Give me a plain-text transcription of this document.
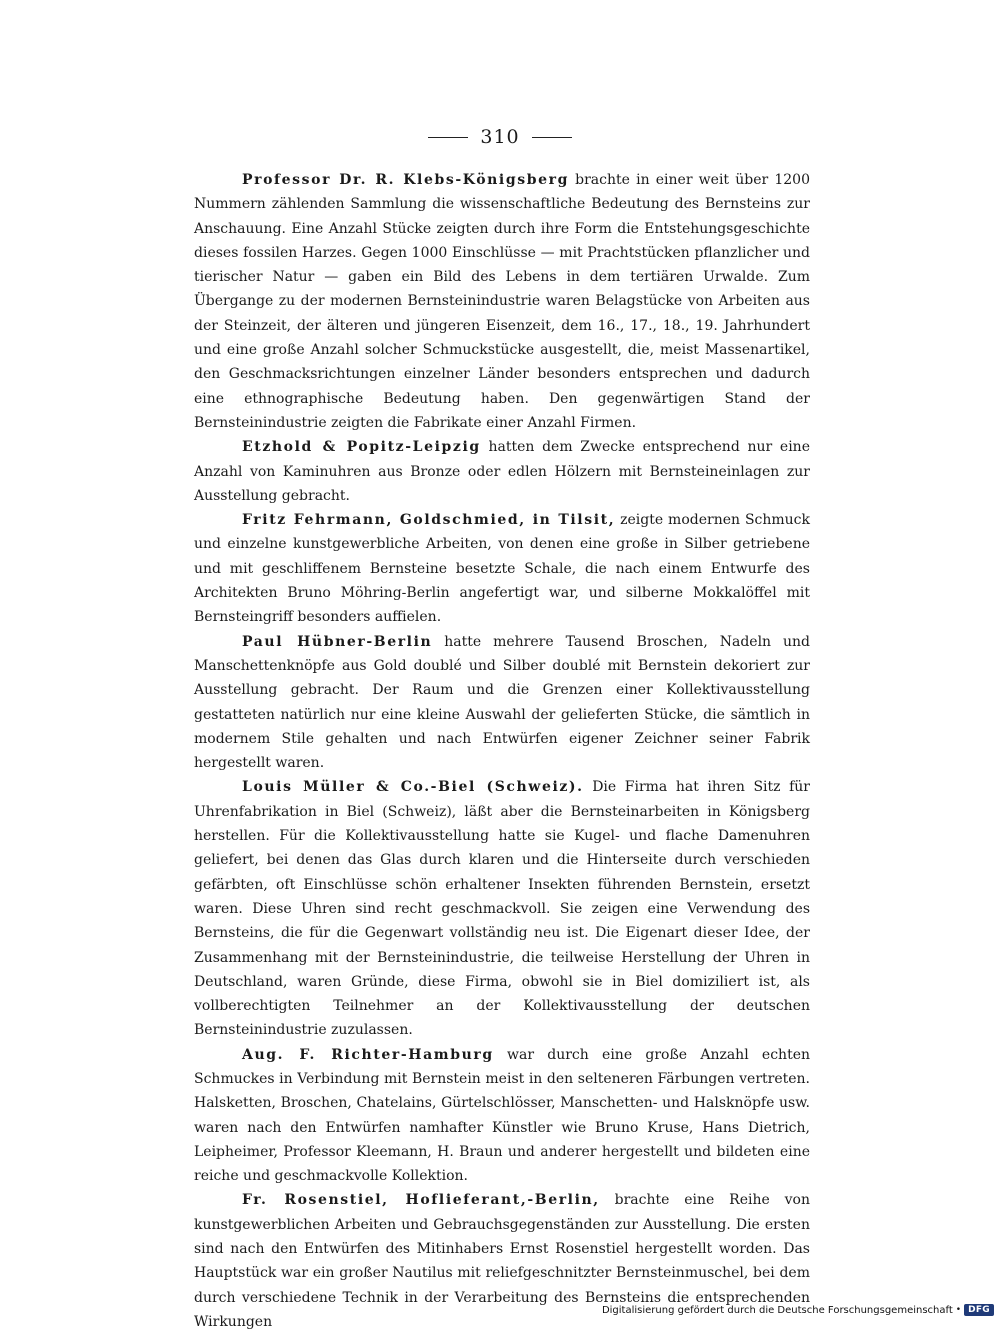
310

Professor Dr. R. Klebs-Königsberg brachte in einer weit über 1200 Nummern zählenden Sammlung die wissenschaftliche Bedeutung des Bernsteins zur Anschauung. Eine Anzahl Stücke zeigten durch ihre Form die Entstehungsgeschichte dieses fossilen Harzes. Gegen 1000 Einschlüsse — mit Prachtstücken pflanzlicher und tierischer Natur — gaben ein Bild des Lebens in dem tertiären Urwalde. Zum Übergange zu der modernen Bernsteinindustrie waren Belagstücke von Arbeiten aus der Steinzeit, der älteren und jüngeren Eisenzeit, dem 16., 17., 18., 19. Jahrhundert und eine große Anzahl solcher Schmuckstücke ausgestellt, die, meist Massenartikel, den Geschmacksrichtungen einzelner Länder besonders entsprechen und dadurch eine ethnographische Bedeutung haben. Den gegenwärtigen Stand der Bernsteinindustrie zeigten die Fabrikate einer Anzahl Firmen.

Etzhold & Popitz-Leipzig hatten dem Zwecke entsprechend nur eine Anzahl von Kaminuhren aus Bronze oder edlen Hölzern mit Bernsteineinlagen zur Ausstellung gebracht.

Fritz Fehrmann, Goldschmied, in Tilsit, zeigte modernen Schmuck und einzelne kunstgewerbliche Arbeiten, von denen eine große in Silber getriebene und mit geschliffenem Bernsteine besetzte Schale, die nach einem Entwurfe des Architekten Bruno Möhring-Berlin angefertigt war, und silberne Mokkalöffel mit Bernsteingriff besonders auffielen.

Paul Hübner-Berlin hatte mehrere Tausend Broschen, Nadeln und Manschettenknöpfe aus Gold doublé und Silber doublé mit Bernstein dekoriert zur Ausstellung gebracht. Der Raum und die Grenzen einer Kollektivausstellung gestatteten natürlich nur eine kleine Auswahl der gelieferten Stücke, die sämtlich in modernem Stile gehalten und nach Entwürfen eigener Zeichner seiner Fabrik hergestellt waren.

Louis Müller & Co.-Biel (Schweiz). Die Firma hat ihren Sitz für Uhrenfabrikation in Biel (Schweiz), läßt aber die Bernsteinarbeiten in Königsberg herstellen. Für die Kollektivausstellung hatte sie Kugel- und flache Damenuhren geliefert, bei denen das Glas durch klaren und die Hinterseite durch verschieden gefärbten, oft Einschlüsse schön erhaltener Insekten führenden Bernstein, ersetzt waren. Diese Uhren sind recht geschmackvoll. Sie zeigen eine Verwendung des Bernsteins, die für die Gegenwart vollständig neu ist. Die Eigenart dieser Idee, der Zusammenhang mit der Bernsteinindustrie, die teilweise Herstellung der Uhren in Deutschland, waren Gründe, diese Firma, obwohl sie in Biel domiziliert ist, als vollberechtigten Teilnehmer an der Kollektivausstellung der deutschen Bernsteinindustrie zuzulassen.

Aug. F. Richter-Hamburg war durch eine große Anzahl echten Schmuckes in Verbindung mit Bernstein meist in den selteneren Färbungen vertreten. Halsketten, Broschen, Chatelains, Gürtelschlösser, Manschetten- und Halsknöpfe usw. waren nach den Entwürfen namhafter Künstler wie Bruno Kruse, Hans Dietrich, Leipheimer, Professor Kleemann, H. Braun und anderer hergestellt und bildeten eine reiche und geschmackvolle Kollektion.

Fr. Rosenstiel, Hoflieferant,-Berlin, brachte eine Reihe von kunstgewerblichen Arbeiten und Gebrauchsgegenständen zur Ausstellung. Die ersten sind nach den Entwürfen des Mitinhabers Ernst Rosenstiel hergestellt worden. Das Hauptstück war ein großer Nautilus mit reliefgeschnitzter Bernsteinmuschel, bei dem durch verschiedene Technik in der Verarbeitung des Bernsteins die entsprechenden Wirkungen

Digitalisierung gefördert durch die Deutsche Forschungsgemeinschaft • DFG
